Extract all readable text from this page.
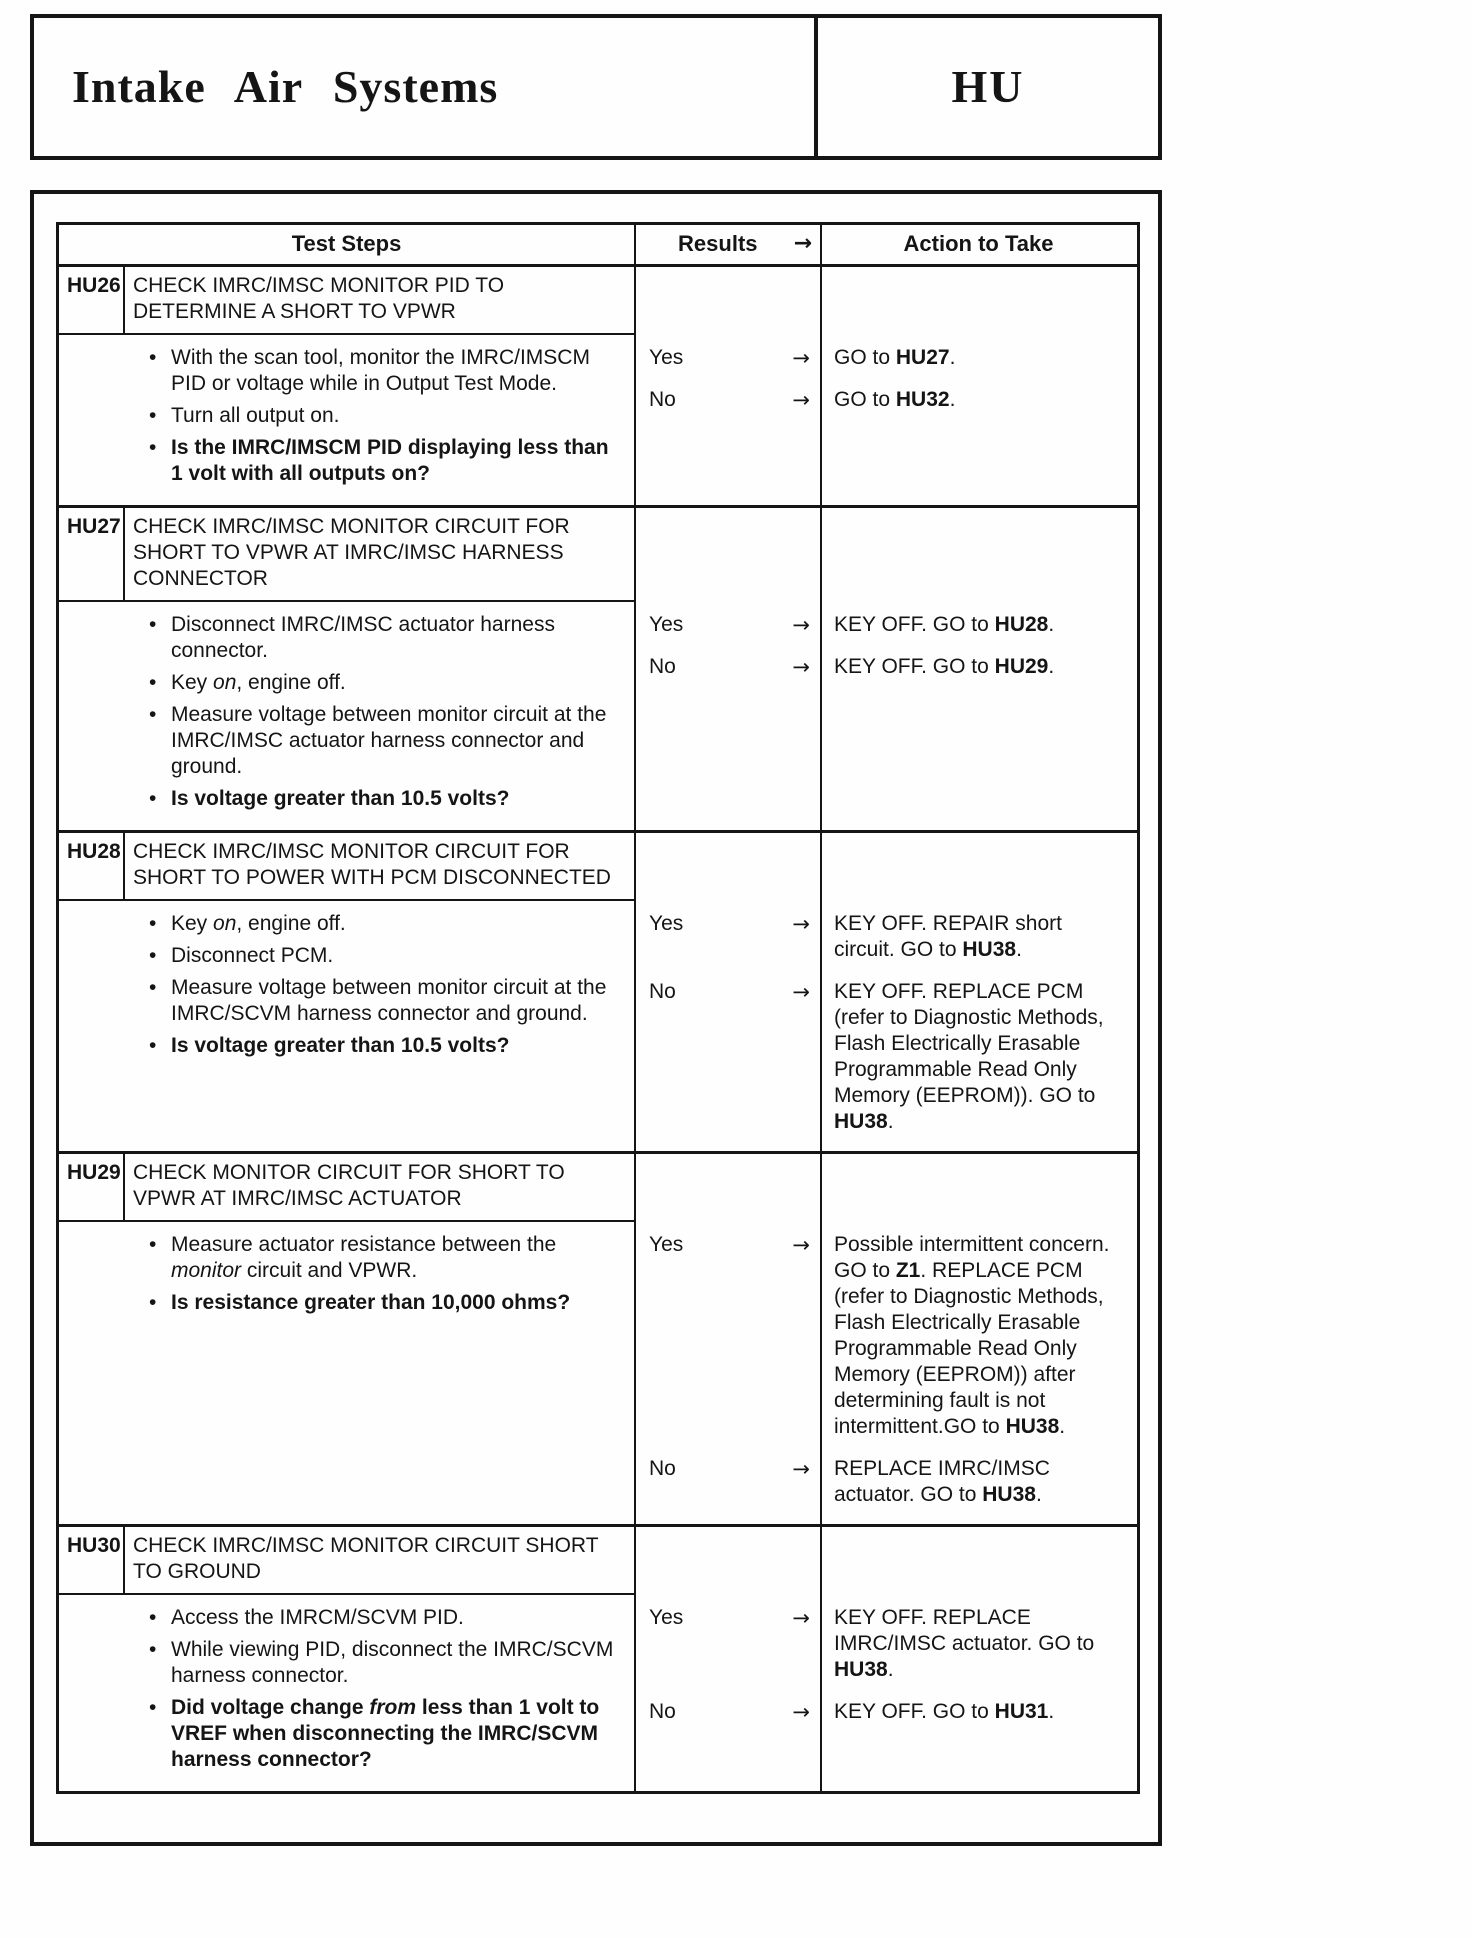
Intake Air Systems	HU
Test Steps	Results	→	Action to Take
HU26 CHECK IMRC/IMSC MONITOR PID TO DETERMINE A SHORT TO VPWR
• With the scan tool, monitor the IMRC/IMSCM PID or voltage while in Output Test Mode.
• Turn all output on.
• Is the IMRC/IMSCM PID displaying less than 1 volt with all outputs on?
Yes	→	GO to HU27.
No	→	GO to HU32.
HU27 CHECK IMRC/IMSC MONITOR CIRCUIT FOR SHORT TO VPWR AT IMRC/IMSC HARNESS CONNECTOR
• Disconnect IMRC/IMSC actuator harness connector.
• Key on, engine off.
• Measure voltage between monitor circuit at the IMRC/IMSC actuator harness connector and ground.
• Is voltage greater than 10.5 volts?
Yes	→	KEY OFF. GO to HU28.
No	→	KEY OFF. GO to HU29.
HU28 CHECK IMRC/IMSC MONITOR CIRCUIT FOR SHORT TO POWER WITH PCM DISCONNECTED
• Key on, engine off.
• Disconnect PCM.
• Measure voltage between monitor circuit at the IMRC/SCVM harness connector and ground.
• Is voltage greater than 10.5 volts?
Yes	→	KEY OFF. REPAIR short circuit. GO to HU38.
No	→	KEY OFF. REPLACE PCM (refer to Diagnostic Methods, Flash Electrically Erasable Programmable Read Only Memory (EEPROM)). GO to HU38.
HU29 CHECK MONITOR CIRCUIT FOR SHORT TO VPWR AT IMRC/IMSC ACTUATOR
• Measure actuator resistance between the monitor circuit and VPWR.
• Is resistance greater than 10,000 ohms?
Yes	→	Possible intermittent concern. GO to Z1. REPLACE PCM (refer to Diagnostic Methods, Flash Electrically Erasable Programmable Read Only Memory (EEPROM)) after determining fault is not intermittent.GO to HU38.
No	→	REPLACE IMRC/IMSC actuator. GO to HU38.
HU30 CHECK IMRC/IMSC MONITOR CIRCUIT SHORT TO GROUND
• Access the IMRCM/SCVM PID.
• While viewing PID, disconnect the IMRC/SCVM harness connector.
• Did voltage change from less than 1 volt to VREF when disconnecting the IMRC/SCVM harness connector?
Yes	→	KEY OFF. REPLACE IMRC/IMSC actuator. GO to HU38.
No	→	KEY OFF. GO to HU31.
